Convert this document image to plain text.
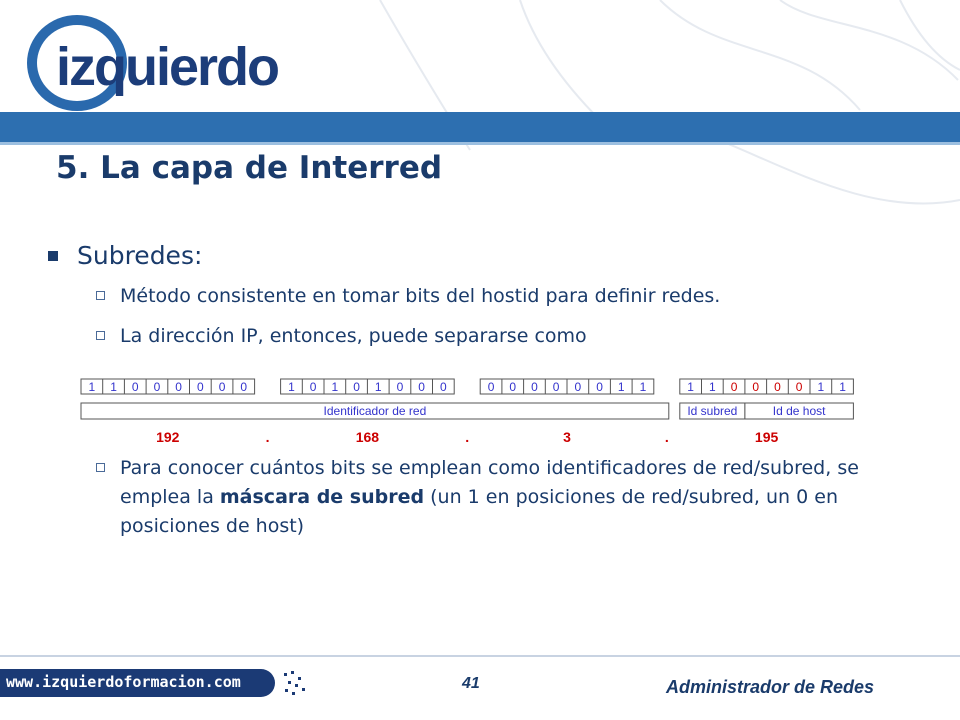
izquierdo
5. La capa de Interred
Subredes:
Método consistente en tomar bits del hostid para definir redes.
La dirección IP, entonces, puede separarse como
1 1 0 0 0 0 0 0	1 0 1 0 1 0 0 0	0 0 0 0 0 0 1 1	1 1 0 0 0 0 1 1
Identificador de red	Id subred	Id de host
192	.	168	.	3	.	195
Para conocer cuántos bits se emplean como identificadores de red/subred, se emplea la máscara de subred (un 1 en posiciones de red/subred, un 0 en posiciones de host)
www.izquierdoformacion.com	41	Administrador de Redes
